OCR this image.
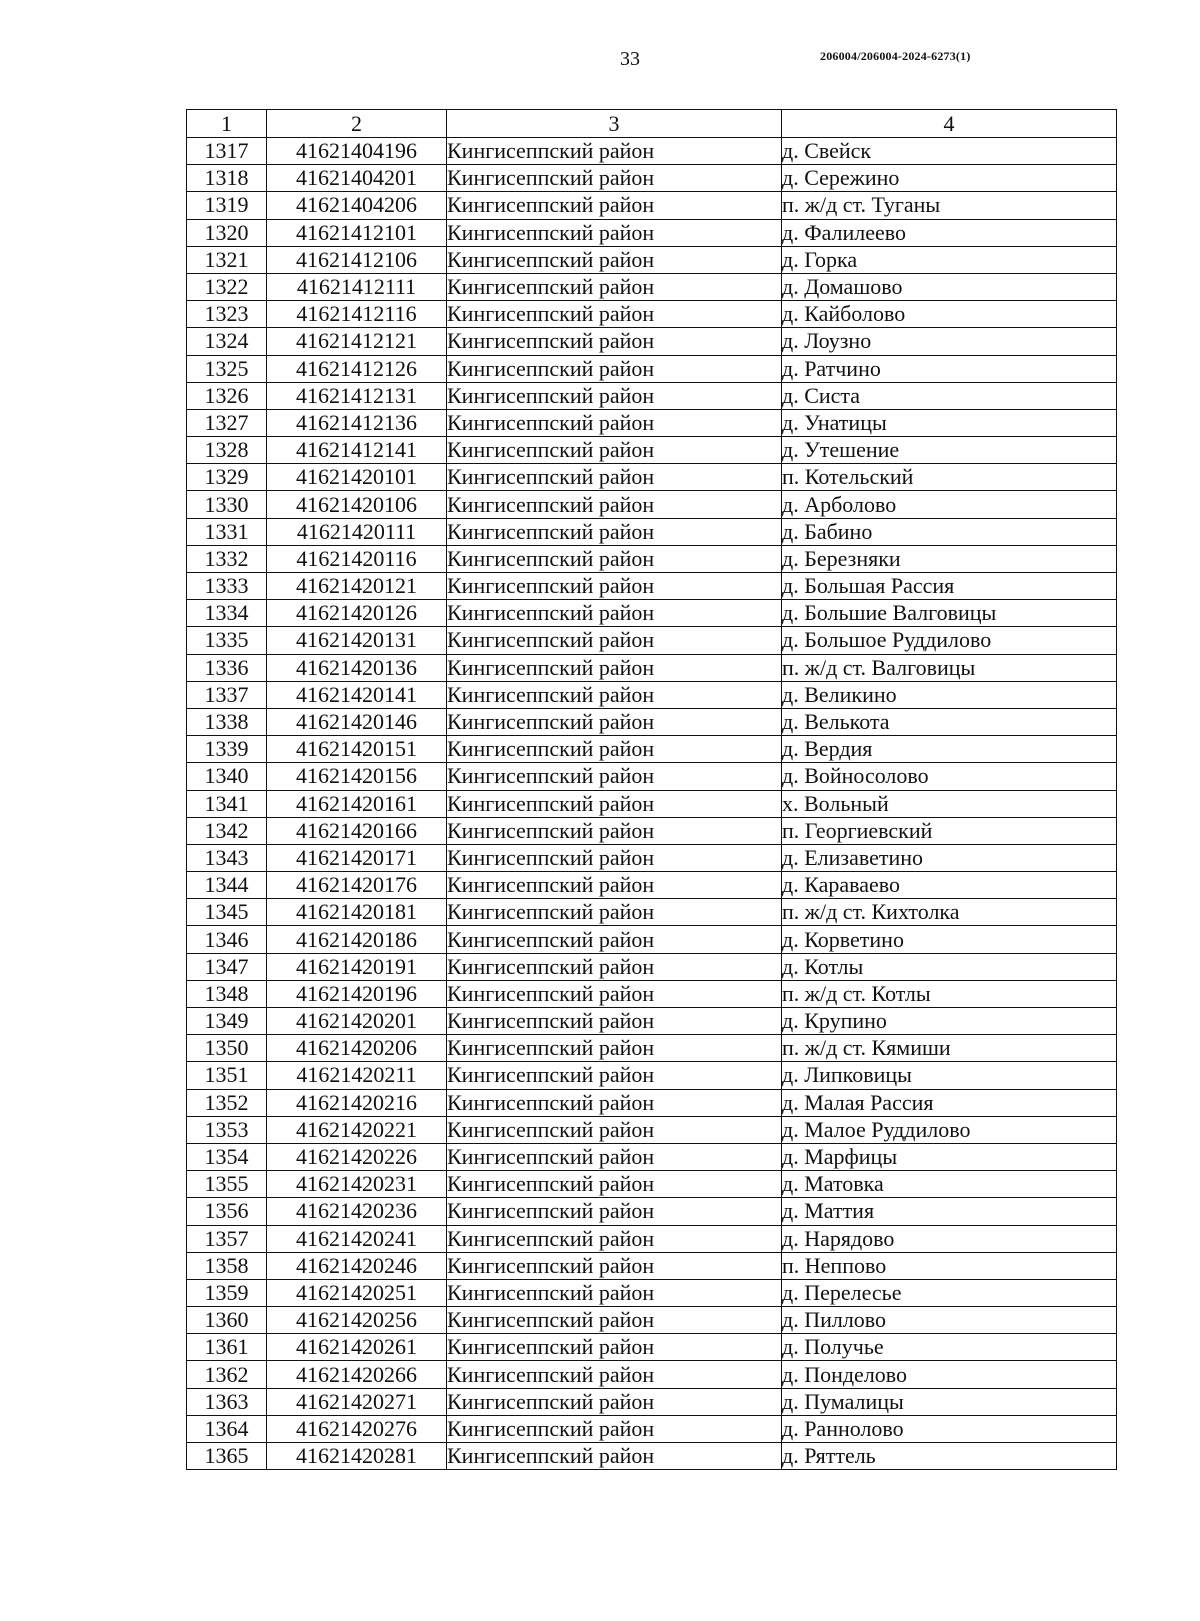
33	206004/206004-2024-6273(1)
1	2	3	4
1317	41621404196	Кингисеппский район	д. Свейск
1318	41621404201	Кингисеппский район	д. Сережино
1319	41621404206	Кингисеппский район	п. ж/д ст. Туганы
1320	41621412101	Кингисеппский район	д. Фалилеево
1321	41621412106	Кингисеппский район	д. Горка
1322	41621412111	Кингисеппский район	д. Домашово
1323	41621412116	Кингисеппский район	д. Кайболово
1324	41621412121	Кингисеппский район	д. Лоузно
1325	41621412126	Кингисеппский район	д. Ратчино
1326	41621412131	Кингисеппский район	д. Систа
1327	41621412136	Кингисеппский район	д. Унатицы
1328	41621412141	Кингисеппский район	д. Утешение
1329	41621420101	Кингисеппский район	п. Котельский
1330	41621420106	Кингисеппский район	д. Арболово
1331	41621420111	Кингисеппский район	д. Бабино
1332	41621420116	Кингисеппский район	д. Березняки
1333	41621420121	Кингисеппский район	д. Большая Рассия
1334	41621420126	Кингисеппский район	д. Большие Валговицы
1335	41621420131	Кингисеппский район	д. Большое Руддилово
1336	41621420136	Кингисеппский район	п. ж/д ст. Валговицы
1337	41621420141	Кингисеппский район	д. Великино
1338	41621420146	Кингисеппский район	д. Велькота
1339	41621420151	Кингисеппский район	д. Вердия
1340	41621420156	Кингисеппский район	д. Войносолово
1341	41621420161	Кингисеппский район	х. Вольный
1342	41621420166	Кингисеппский район	п. Георгиевский
1343	41621420171	Кингисеппский район	д. Елизаветино
1344	41621420176	Кингисеппский район	д. Караваево
1345	41621420181	Кингисеппский район	п. ж/д ст. Кихтолка
1346	41621420186	Кингисеппский район	д. Корветино
1347	41621420191	Кингисеппский район	д. Котлы
1348	41621420196	Кингисеппский район	п. ж/д ст. Котлы
1349	41621420201	Кингисеппский район	д. Крупино
1350	41621420206	Кингисеппский район	п. ж/д ст. Кямиши
1351	41621420211	Кингисеппский район	д. Липковицы
1352	41621420216	Кингисеппский район	д. Малая Рассия
1353	41621420221	Кингисеппский район	д. Малое Руддилово
1354	41621420226	Кингисеппский район	д. Марфицы
1355	41621420231	Кингисеппский район	д. Матовка
1356	41621420236	Кингисеппский район	д. Маттия
1357	41621420241	Кингисеппский район	д. Нарядово
1358	41621420246	Кингисеппский район	п. Неппово
1359	41621420251	Кингисеппский район	д. Перелесье
1360	41621420256	Кингисеппский район	д. Пиллово
1361	41621420261	Кингисеппский район	д. Получье
1362	41621420266	Кингисеппский район	д. Понделово
1363	41621420271	Кингисеппский район	д. Пумалицы
1364	41621420276	Кингисеппский район	д. Раннолово
1365	41621420281	Кингисеппский район	д. Ряттель
